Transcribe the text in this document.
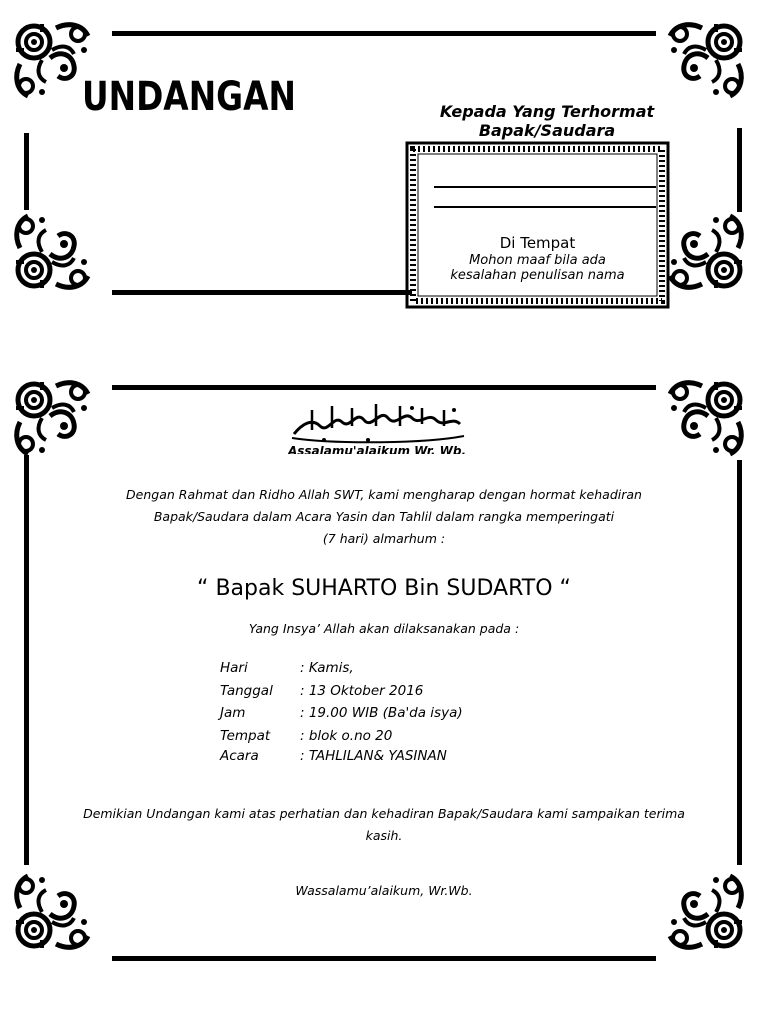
UNDANGAN	Kepada Yang Terhormat
Bapak/Saudara
Di Tempat
Mohon maaf bila ada
kesalahan penulisan nama
Assalamu'alaikum Wr. Wb.
Dengan Rahmat dan Ridho Allah SWT, kami mengharap dengan hormat kehadiran
Bapak/Saudara dalam Acara Yasin dan Tahlil dalam rangka memperingati
(7 hari) almarhum :
“ Bapak SUHARTO Bin SUDARTO “
Yang Insya’ Allah akan dilaksanakan pada :
Hari	: Kamis,
Tanggal	: 13 Oktober 2016
Jam	: 19.00 WIB (Ba'da isya)
Tempat	: blok o.no 20
Acara	: TAHLILAN& YASINAN
Demikian Undangan kami atas perhatian dan kehadiran Bapak/Saudara kami sampaikan terima
kasih.
Wassalamu’alaikum, Wr.Wb.
